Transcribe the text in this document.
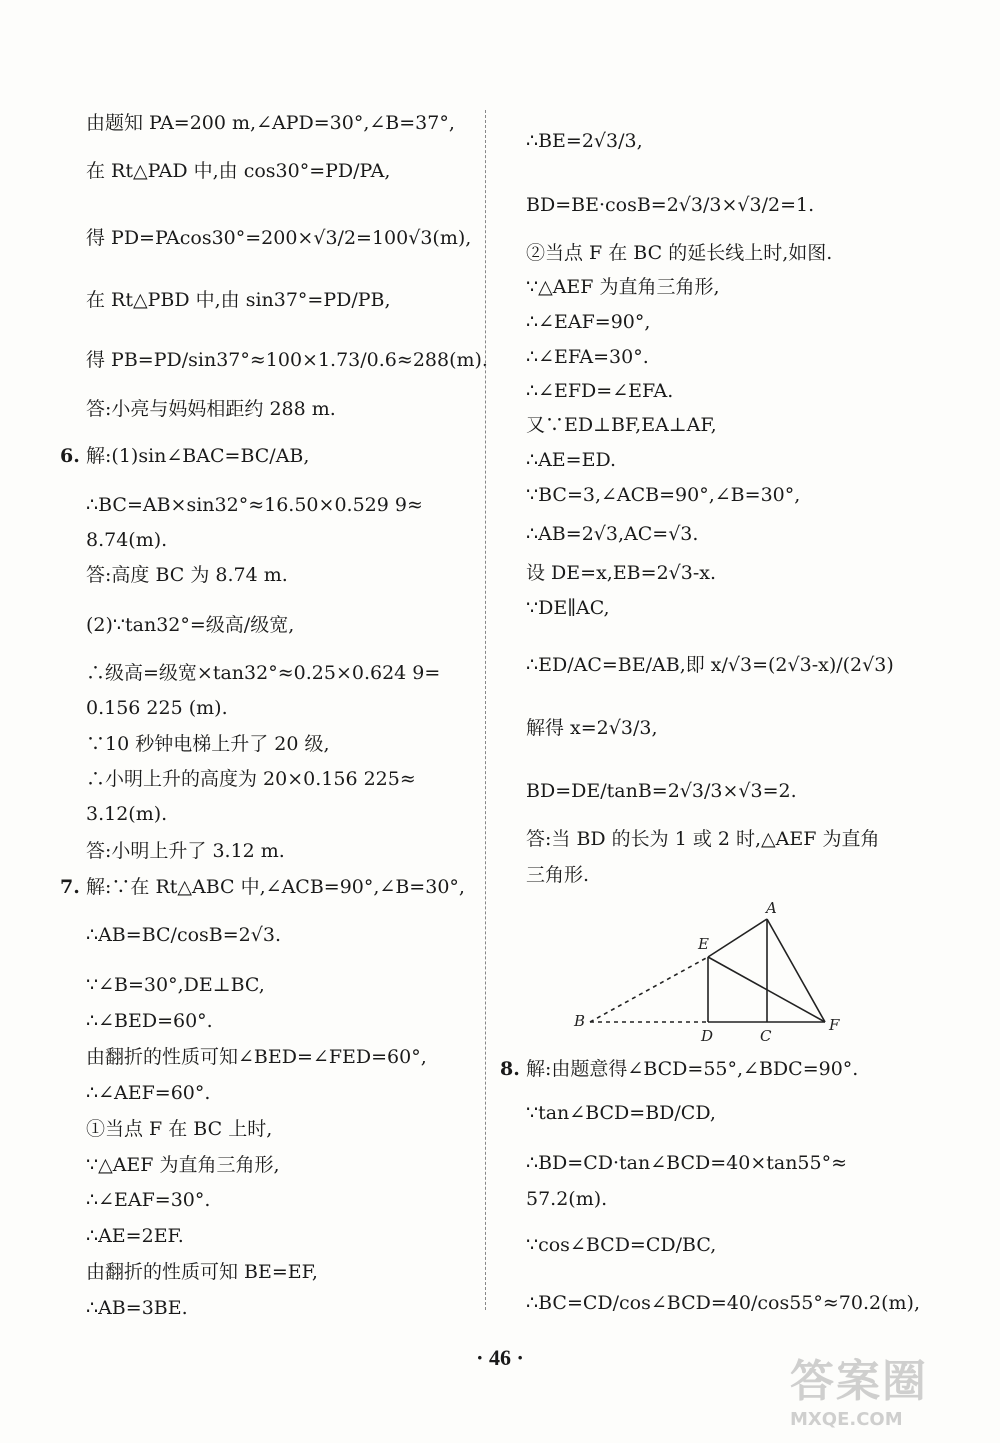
由题知 PA=200 m,∠APD=30°,∠B=37°,
在 Rt△PAD 中,由 cos30°=PD/PA,
得 PD=PAcos30°=200×√3/2=100√3(m),
在 Rt△PBD 中,由 sin37°=PD/PB,
得 PB=PD/sin37°≈100×1.73/0.6≈288(m).
答:小亮与妈妈相距约 288 m.
6. 解:(1)sin∠BAC=BC/AB,
∴BC=AB×sin32°≈16.50×0.529 9≈
8.74(m).
答:高度 BC 为 8.74 m.
(2)∵tan32°=级高/级宽,
∴级高=级宽×tan32°≈0.25×0.624 9=
0.156 225 (m).
∵10 秒钟电梯上升了 20 级,
∴小明上升的高度为 20×0.156 225≈
3.12(m).
答:小明上升了 3.12 m.
7. 解:∵在 Rt△ABC 中,∠ACB=90°,∠B=30°,
∴AB=BC/cosB=2√3.
∵∠B=30°,DE⊥BC,
∴∠BED=60°.
由翻折的性质可知∠BED=∠FED=60°,
∴∠AEF=60°.
①当点 F 在 BC 上时,
∵△AEF 为直角三角形,
∴∠EAF=30°.
∴AE=2EF.
由翻折的性质可知 BE=EF,
∴AB=3BE.
∴BE=2√3/3,
BD=BE·cosB=2√3/3×√3/2=1.
②当点 F 在 BC 的延长线上时,如图.
∵△AEF 为直角三角形,
∴∠EAF=90°,
∴∠EFA=30°.
∴∠EFD=∠EFA.
又∵ED⊥BF,EA⊥AF,
∴AE=ED.
∵BC=3,∠ACB=90°,∠B=30°,
∴AB=2√3,AC=√3.
设 DE=x,EB=2√3-x.
∵DE∥AC,
∴ED/AC=BE/AB,即 x/√3=(2√3-x)/(2√3)
解得 x=2√3/3,
BD=DE/tanB=2√3/3×√3=2.
答:当 BD 的长为 1 或 2 时,△AEF 为直角
三角形.
8. 解:由题意得∠BCD=55°,∠BDC=90°.
∵tan∠BCD=BD/CD,
∴BD=CD·tan∠BCD=40×tan55°≈
57.2(m).
∵cos∠BCD=CD/BC,
∴BC=CD/cos∠BCD=40/cos55°≈70.2(m),
A
E
B
D	C
F
· 46 ·	答案圈
MXQE.COM
